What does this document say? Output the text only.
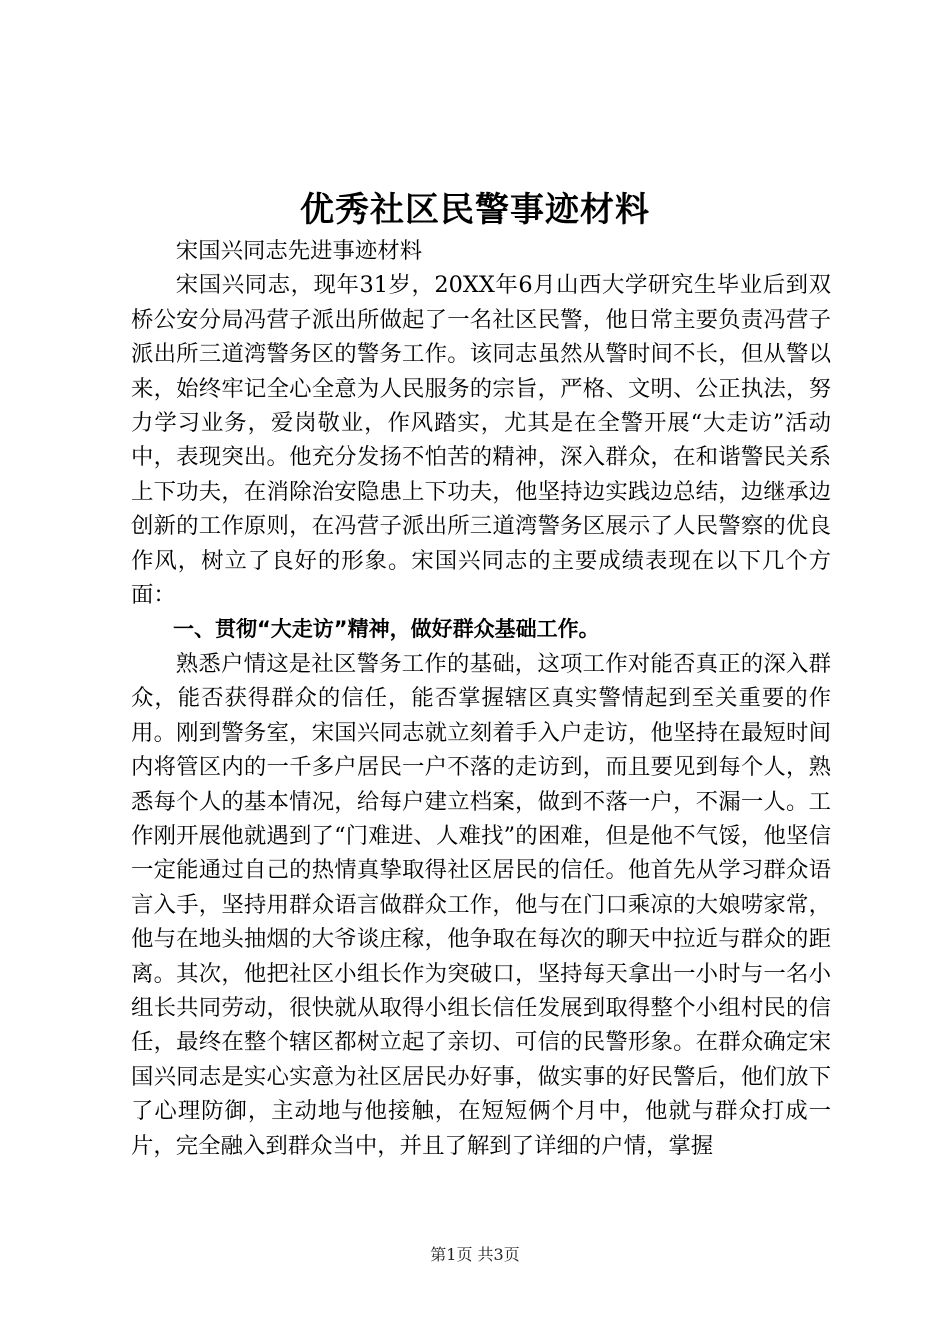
优秀社区民警事迹材料

宋国兴同志先进事迹材料

宋国兴同志，现年31岁，20XX年6月山西大学研究生毕业后到双桥公安分局冯营子派出所做起了一名社区民警，他日常主要负责冯营子派出所三道湾警务区的警务工作。该同志虽然从警时间不长，但从警以来，始终牢记全心全意为人民服务的宗旨，严格、文明、公正执法，努力学习业务，爱岗敬业，作风踏实，尤其是在全警开展“大走访”活动中，表现突出。他充分发扬不怕苦的精神，深入群众，在和谐警民关系上下功夫，在消除治安隐患上下功夫，他坚持边实践边总结，边继承边创新的工作原则，在冯营子派出所三道湾警务区展示了人民警察的优良作风，树立了良好的形象。宋国兴同志的主要成绩表现在以下几个方面：

一、贯彻“大走访”精神，做好群众基础工作。

熟悉户情这是社区警务工作的基础，这项工作对能否真正的深入群众，能否获得群众的信任，能否掌握辖区真实警情起到至关重要的作用。刚到警务室，宋国兴同志就立刻着手入户走访，他坚持在最短时间内将管区内的一千多户居民一户不落的走访到，而且要见到每个人，熟悉每个人的基本情况，给每户建立档案，做到不落一户，不漏一人。工作刚开展他就遇到了“门难进、人难找”的困难，但是他不气馁，他坚信一定能通过自己的热情真挚取得社区居民的信任。他首先从学习群众语言入手，坚持用群众语言做群众工作，他与在门口乘凉的大娘唠家常，他与在地头抽烟的大爷谈庄稼，他争取在每次的聊天中拉近与群众的距离。其次，他把社区小组长作为突破口，坚持每天拿出一小时与一名小组长共同劳动，很快就从取得小组长信任发展到取得整个小组村民的信任，最终在整个辖区都树立起了亲切、可信的民警形象。在群众确定宋国兴同志是实心实意为社区居民办好事，做实事的好民警后，他们放下了心理防御，主动地与他接触，在短短俩个月中，他就与群众打成一片，完全融入到群众当中，并且了解到了详细的户情，掌握

第1页 共3页
